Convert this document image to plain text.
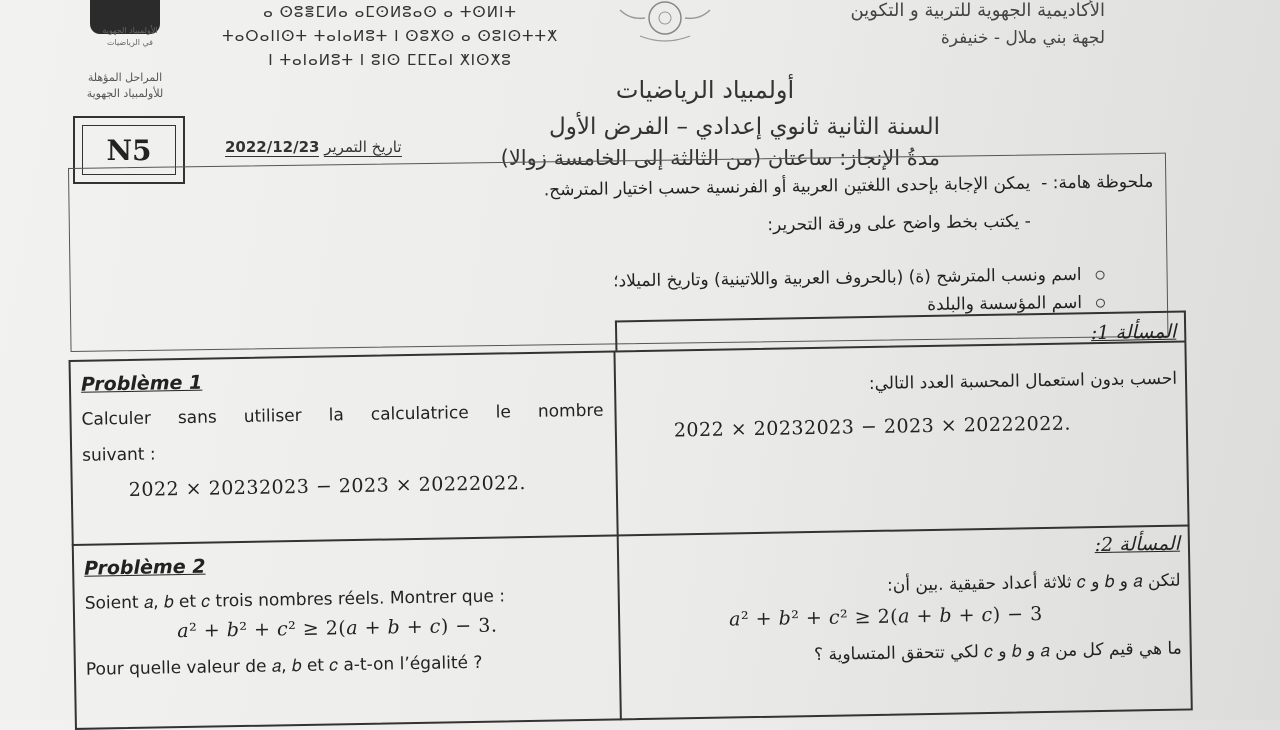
الأولمبياد الجهوية
في الرياضيات
المراحل المؤهلة
للأولمبياد الجهوية
ⴰ ⵙⵓⴻⵎⵍⴰ ⴰⵎⵙⵍⵓⴰⵙ ⴰ ⵜⵙⵍⵏⵜ
ⵜⴰⵔⴰⵏⵏⵙⵜ ⵜⴰⵏⴰⵍⵓⵜ ⵏ ⵙⵓⵅⵙ ⴰ ⵙⵓⵏⵙⵜⵜⵅ
ⵏ ⵜⴰⵏⴰⵍⵓⵜ ⵏ ⵓⵏⵙ ⵎⵎⵎⴰⵏ ⵅⵏⵙⵅⵓ
الأكاديمية الجهوية للتربية و التكوين
لجهة بني ملال - خنيفرة
أولمبياد الرياضيات
السنة الثانية ثانوي إعدادي – الفرض الأول
مدةُ الإنجاز: ساعتان (من الثالثة إلى الخامسة زوالا)
N5	2022/12/23 تاريخ التمرير
ملحوظة هامة: -
يمكن الإجابة بإحدى اللغتين العربية أو الفرنسية حسب اختيار المترشح.
- يكتب بخط واضح على ورقة التحرير:
اسم ونسب المترشح (ة) (بالحروف العربية واللاتينية) وتاريخ الميلاد؛
اسم المؤسسة والبلدة
Problème 1
Calculer sans utiliser la calculatrice le nombre
suivant :
2022 × 20232023 − 2023 × 20222022.
المسألة 1:
احسب بدون استعمال المحسبة العدد التالي:
2022 × 20232023 − 2023 × 20222022.
Problème 2
Soient 𝑎, 𝑏 et 𝑐 trois nombres réels. Montrer que :
𝑎² + 𝑏² + 𝑐² ≥ 2(𝑎 + 𝑏 + 𝑐) − 3.
Pour quelle valeur de 𝑎, 𝑏 et 𝑐 a-t-on l’égalité ?
المسألة 2:
لتكن 𝑎 و 𝑏 و 𝑐 ثلاثة أعداد حقيقية .بين أن:
𝑎² + 𝑏² + 𝑐² ≥ 2(𝑎 + 𝑏 + 𝑐) − 3
ما هي قيم كل من 𝑎 و 𝑏 و 𝑐 لكي تتحقق المتساوية ؟
